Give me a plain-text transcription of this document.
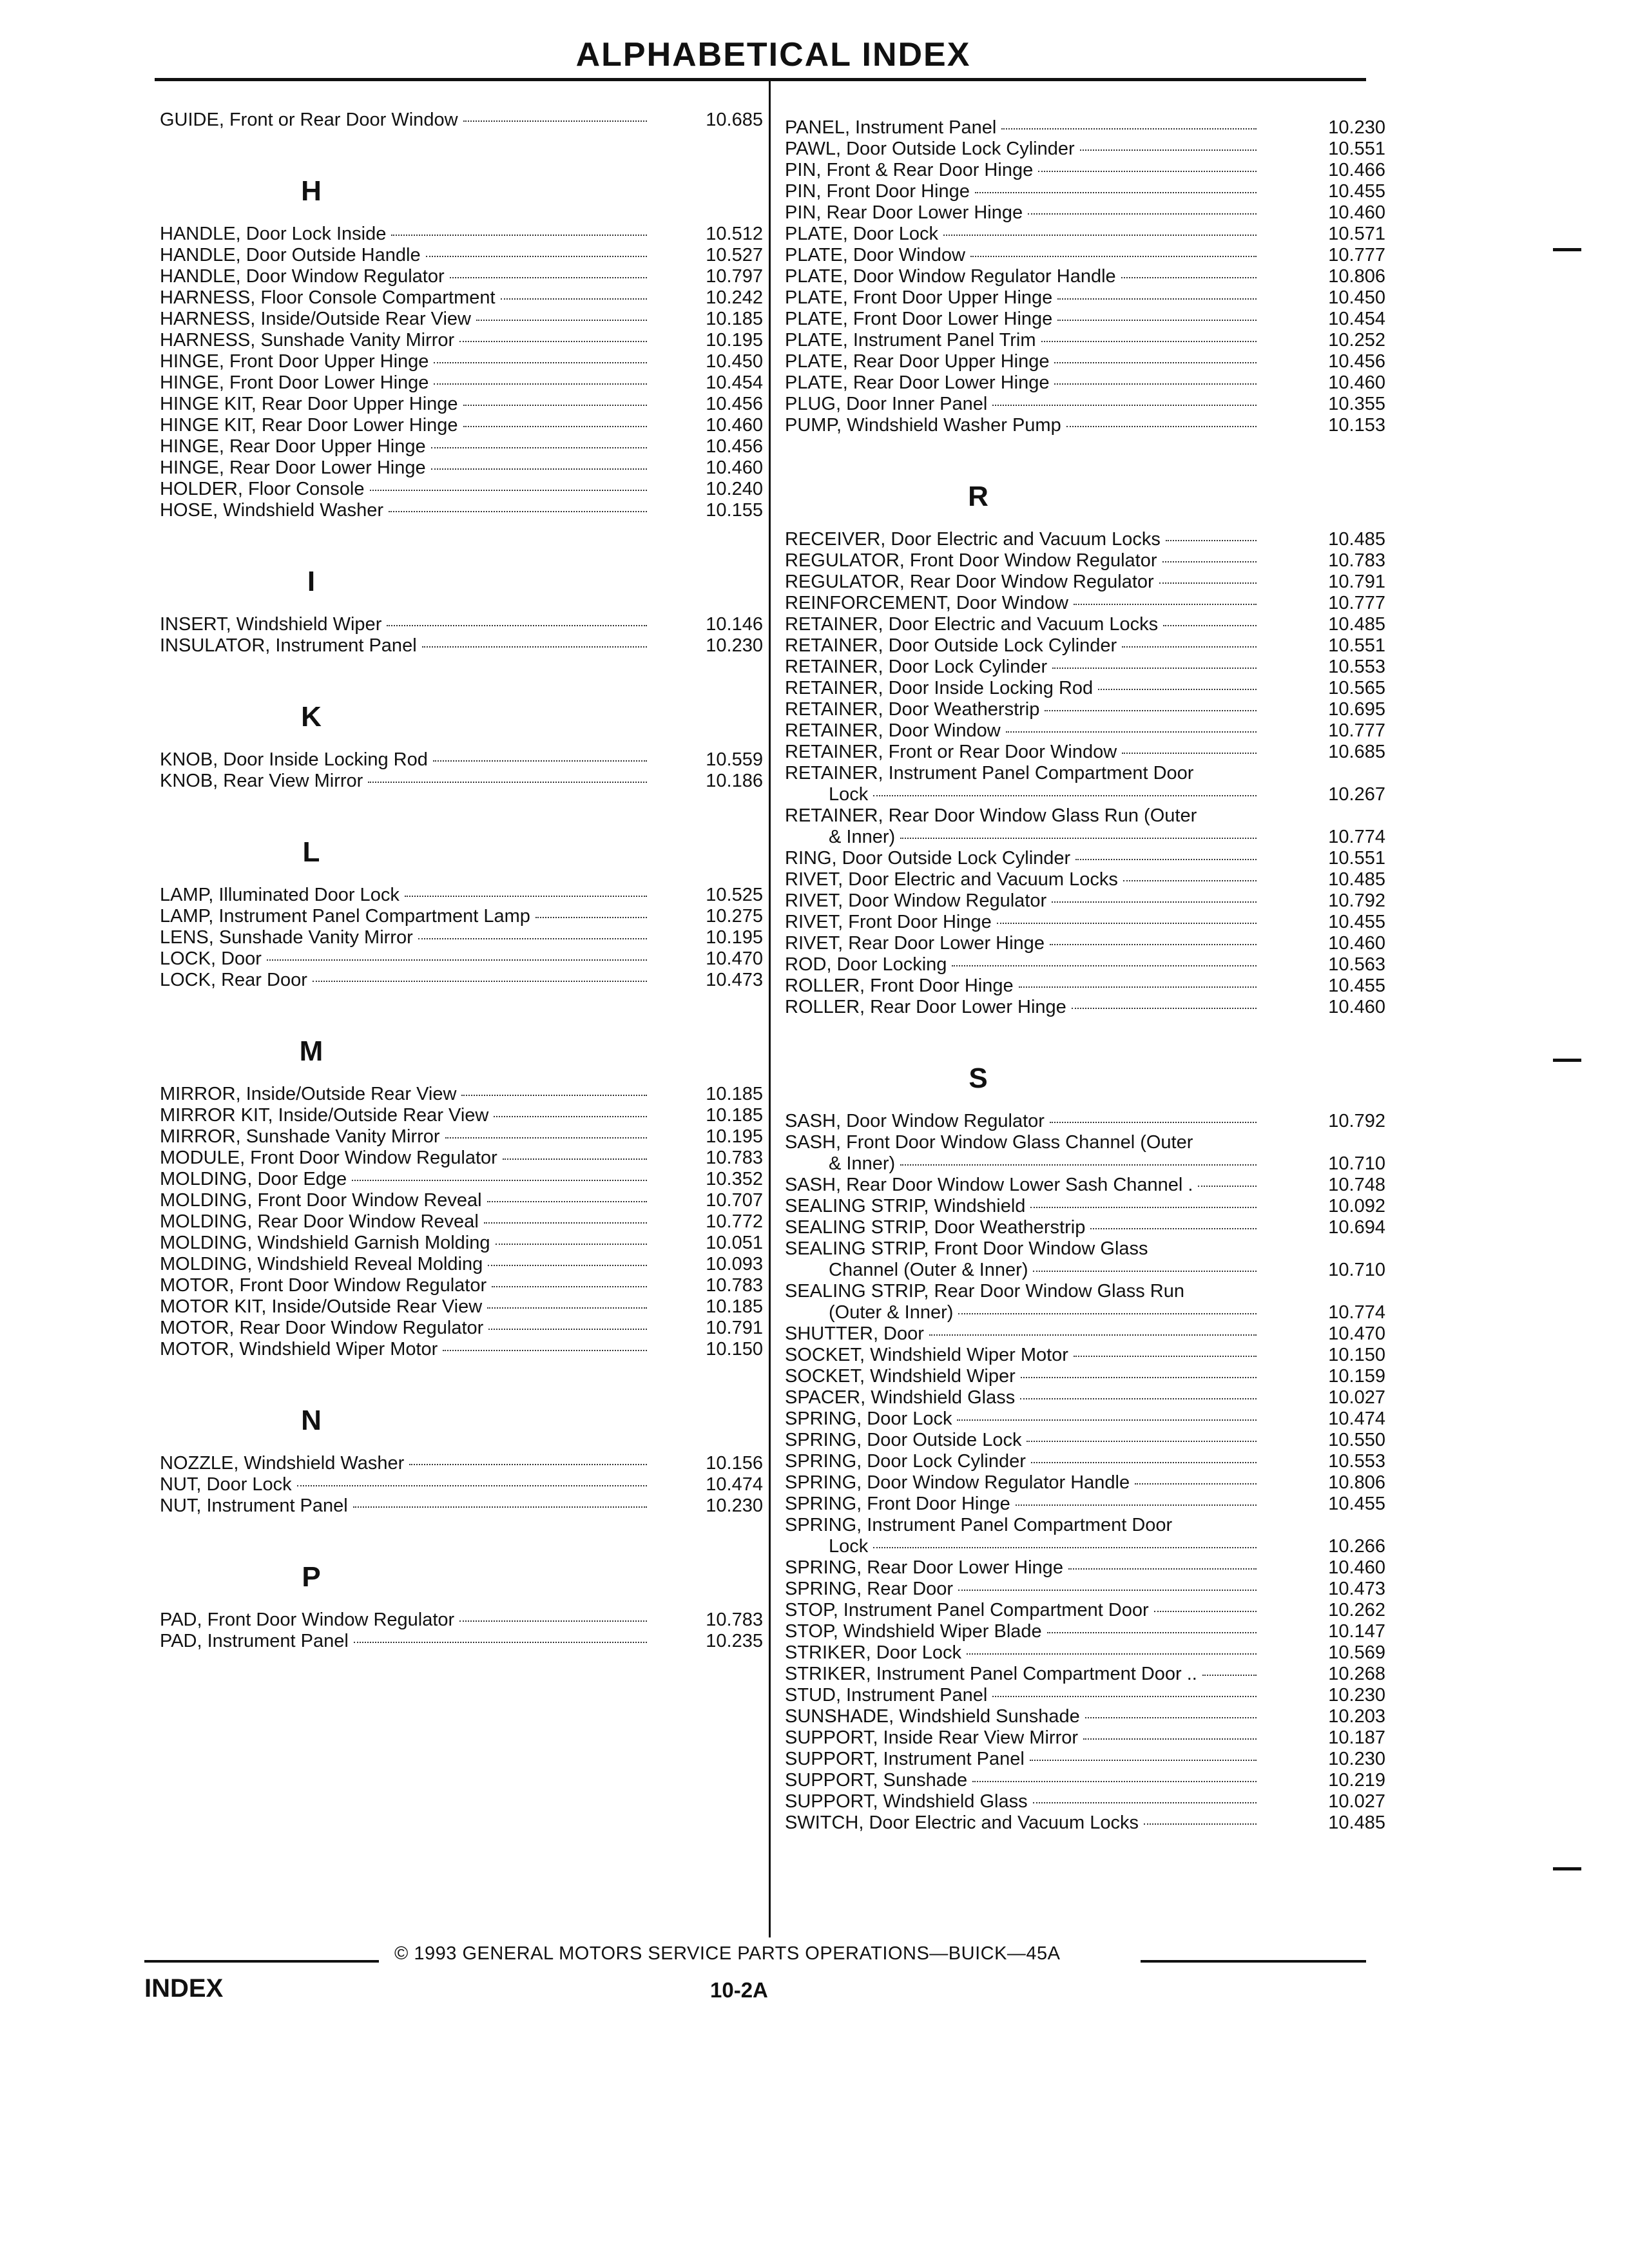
ALPHABETICAL INDEX
GUIDE, Front or Rear Door Window	10.685
H
HANDLE, Door Lock Inside	10.512
HANDLE, Door Outside Handle	10.527
HANDLE, Door Window Regulator	10.797
HARNESS, Floor Console Compartment	10.242
HARNESS, Inside/Outside Rear View	10.185
HARNESS, Sunshade Vanity Mirror	10.195
HINGE, Front Door Upper Hinge	10.450
HINGE, Front Door Lower Hinge	10.454
HINGE KIT, Rear Door Upper Hinge	10.456
HINGE KIT, Rear Door Lower Hinge	10.460
HINGE, Rear Door Upper Hinge	10.456
HINGE, Rear Door Lower Hinge	10.460
HOLDER, Floor Console	10.240
HOSE, Windshield Washer	10.155
I
INSERT, Windshield Wiper	10.146
INSULATOR, Instrument Panel	10.230
K
KNOB, Door Inside Locking Rod	10.559
KNOB, Rear View Mirror	10.186
L
LAMP, Illuminated Door Lock	10.525
LAMP, Instrument Panel Compartment Lamp	10.275
LENS, Sunshade Vanity Mirror	10.195
LOCK, Door	10.470
LOCK, Rear Door	10.473
M
MIRROR, Inside/Outside Rear View	10.185
MIRROR KIT, Inside/Outside Rear View	10.185
MIRROR, Sunshade Vanity Mirror	10.195
MODULE, Front Door Window Regulator	10.783
MOLDING, Door Edge	10.352
MOLDING, Front Door Window Reveal	10.707
MOLDING, Rear Door Window Reveal	10.772
MOLDING, Windshield Garnish Molding	10.051
MOLDING, Windshield Reveal Molding	10.093
MOTOR, Front Door Window Regulator	10.783
MOTOR KIT, Inside/Outside Rear View	10.185
MOTOR, Rear Door Window Regulator	10.791
MOTOR, Windshield Wiper Motor	10.150
N
NOZZLE, Windshield Washer	10.156
NUT, Door Lock	10.474
NUT, Instrument Panel	10.230
P
PAD, Front Door Window Regulator	10.783
PAD, Instrument Panel	10.235
PANEL, Instrument Panel	10.230
PAWL, Door Outside Lock Cylinder	10.551
PIN, Front & Rear Door Hinge	10.466
PIN, Front Door Hinge	10.455
PIN, Rear Door Lower Hinge	10.460
PLATE, Door Lock	10.571
PLATE, Door Window	10.777
PLATE, Door Window Regulator Handle	10.806
PLATE, Front Door Upper Hinge	10.450
PLATE, Front Door Lower Hinge	10.454
PLATE, Instrument Panel Trim	10.252
PLATE, Rear Door Upper Hinge	10.456
PLATE, Rear Door Lower Hinge	10.460
PLUG, Door Inner Panel	10.355
PUMP, Windshield Washer Pump	10.153
R
RECEIVER, Door Electric and Vacuum Locks	10.485
REGULATOR, Front Door Window Regulator	10.783
REGULATOR, Rear Door Window Regulator	10.791
REINFORCEMENT, Door Window	10.777
RETAINER, Door Electric and Vacuum Locks	10.485
RETAINER, Door Outside Lock Cylinder	10.551
RETAINER, Door Lock Cylinder	10.553
RETAINER, Door Inside Locking Rod	10.565
RETAINER, Door Weatherstrip	10.695
RETAINER, Door Window	10.777
RETAINER, Front or Rear Door Window	10.685
RETAINER, Instrument Panel Compartment Door
Lock	10.267
RETAINER, Rear Door Window Glass Run (Outer
& Inner)	10.774
RING, Door Outside Lock Cylinder	10.551
RIVET, Door Electric and Vacuum Locks	10.485
RIVET, Door Window Regulator	10.792
RIVET, Front Door Hinge	10.455
RIVET, Rear Door Lower Hinge	10.460
ROD, Door Locking	10.563
ROLLER, Front Door Hinge	10.455
ROLLER, Rear Door Lower Hinge	10.460
S
SASH, Door Window Regulator	10.792
SASH, Front Door Window Glass Channel (Outer
& Inner)	10.710
SASH, Rear Door Window Lower Sash Channel .	10.748
SEALING STRIP, Windshield	10.092
SEALING STRIP, Door Weatherstrip	10.694
SEALING STRIP, Front Door Window Glass
Channel (Outer & Inner)	10.710
SEALING STRIP, Rear Door Window Glass Run
(Outer & Inner)	10.774
SHUTTER, Door	10.470
SOCKET, Windshield Wiper Motor	10.150
SOCKET, Windshield Wiper	10.159
SPACER, Windshield Glass	10.027
SPRING, Door Lock	10.474
SPRING, Door Outside Lock	10.550
SPRING, Door Lock Cylinder	10.553
SPRING, Door Window Regulator Handle	10.806
SPRING, Front Door Hinge	10.455
SPRING, Instrument Panel Compartment Door
Lock	10.266
SPRING, Rear Door Lower Hinge	10.460
SPRING, Rear Door	10.473
STOP, Instrument Panel Compartment Door	10.262
STOP, Windshield Wiper Blade	10.147
STRIKER, Door Lock	10.569
STRIKER, Instrument Panel Compartment Door ..	10.268
STUD, Instrument Panel	10.230
SUNSHADE, Windshield Sunshade	10.203
SUPPORT, Inside Rear View Mirror	10.187
SUPPORT, Instrument Panel	10.230
SUPPORT, Sunshade	10.219
SUPPORT, Windshield Glass	10.027
SWITCH, Door Electric and Vacuum Locks	10.485
© 1993 GENERAL MOTORS SERVICE PARTS OPERATIONS—BUICK—45A
INDEX	10-2A
